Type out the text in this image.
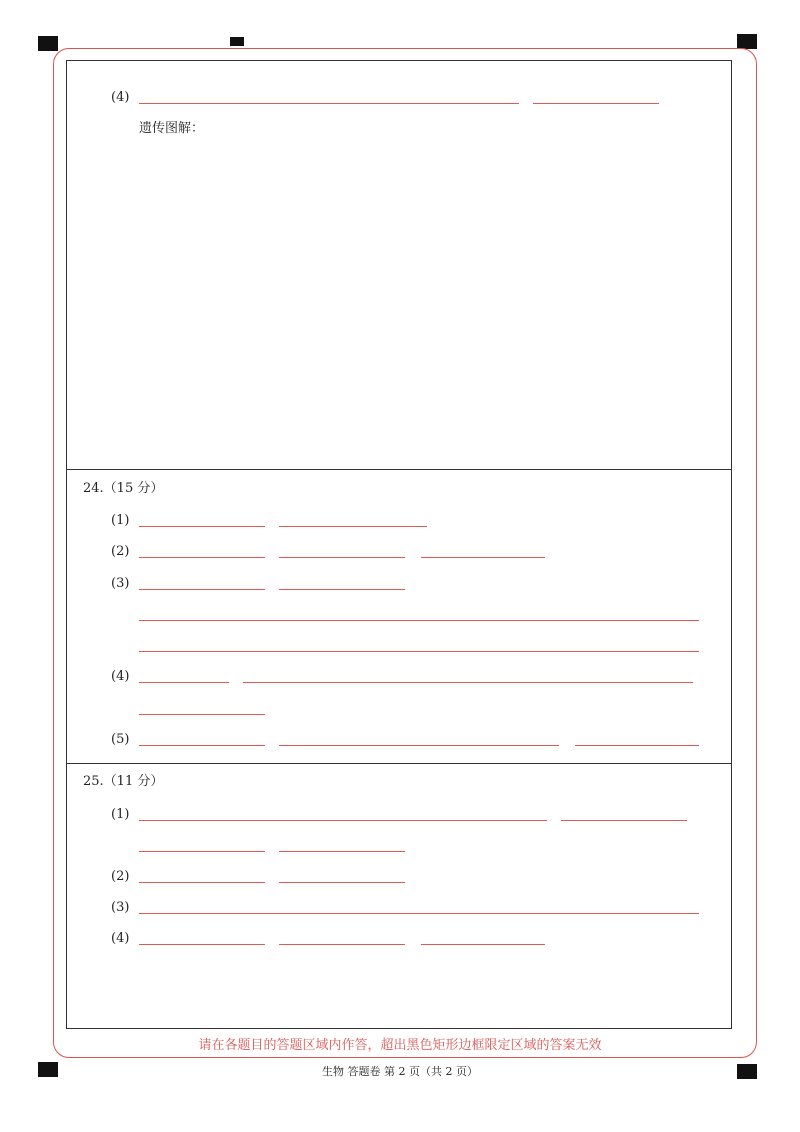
(4)
遗传图解：
24.（15 分）
(1)
(2)
(3)
(4)
(5)
25.（11 分）
(1)
(2)
(3)
(4)
请在各题目的答题区域内作答，超出黑色矩形边框限定区域的答案无效
生物 答题卷 第 2 页（共 2 页）
